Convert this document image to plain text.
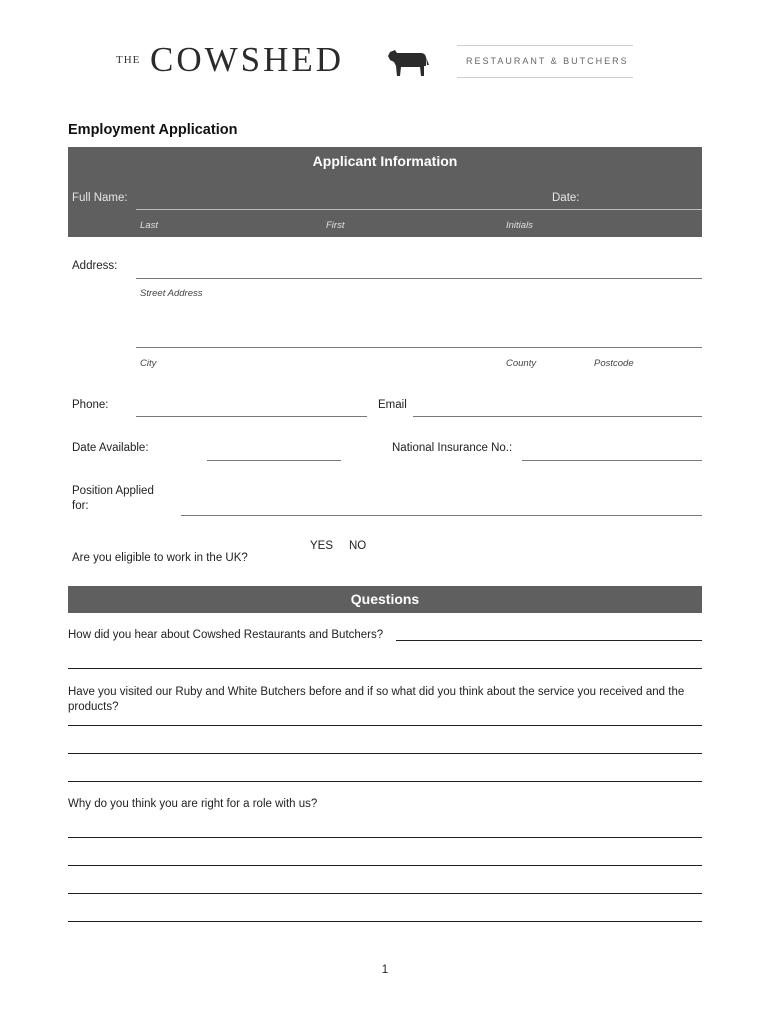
THE COWSHED	RESTAURANT & BUTCHERS
Employment Application
Applicant Information
Full Name:	Date:
Last	First	Initials
Address:
Street Address
City	County	Postcode
Phone:	Email
Date Available:	National Insurance No.:
Position Applied for:
YES NO
Are you eligible to work in the UK?
Questions
How did you hear about Cowshed Restaurants and Butchers?
Have you visited our Ruby and White Butchers before and if so what did you think about the service you received and the products?
Why do you think you are right for a role with us?
1
